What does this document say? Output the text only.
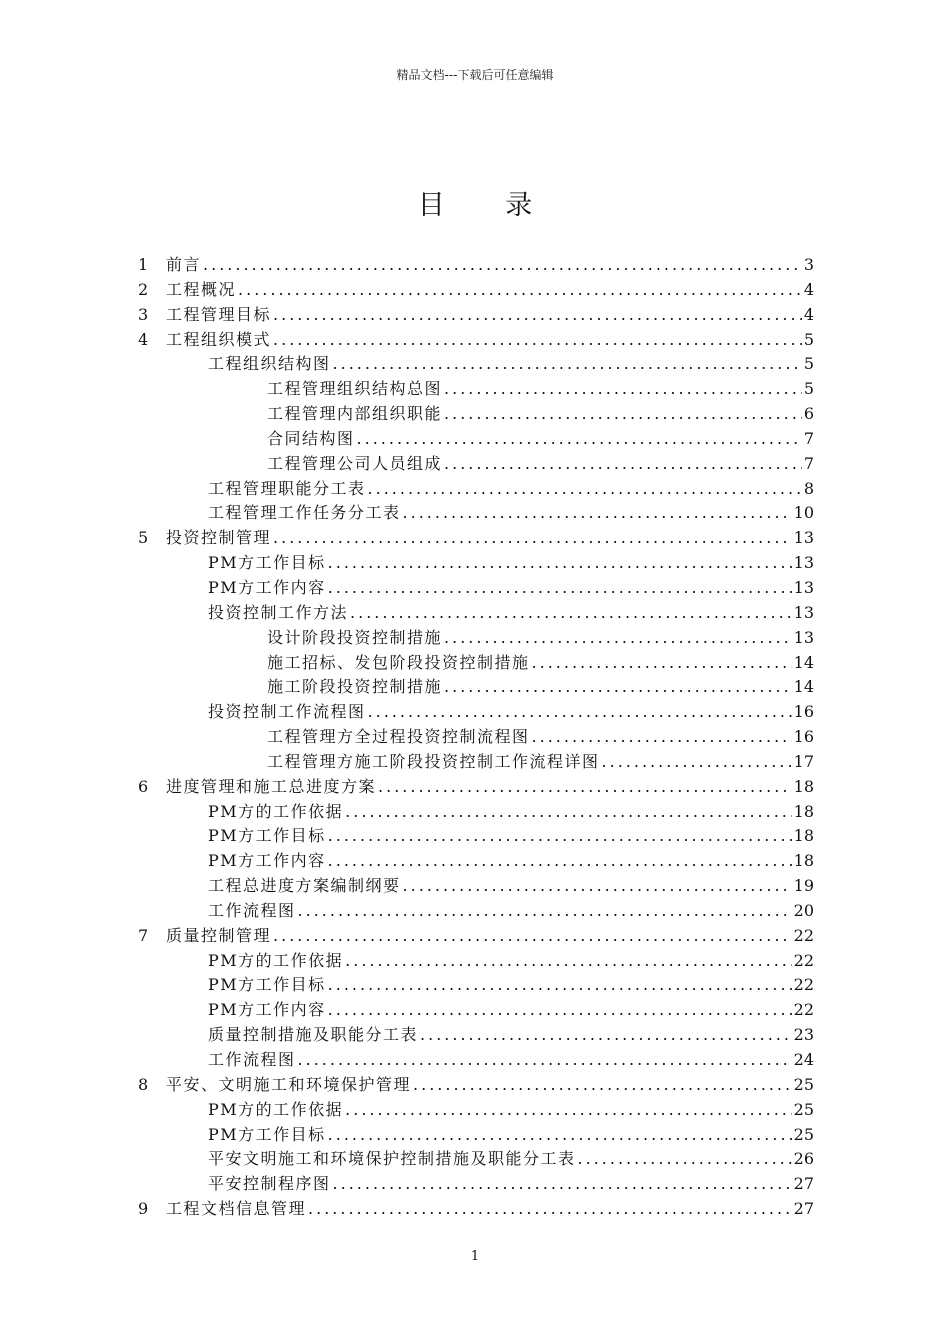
精品文档---下载后可任意编辑
目 录
1	前言 .....	3
2	工程概况 .....	4
3	工程管理目标 .....	4
4	工程组织模式 .....	5
工程组织结构图 .....	5
工程管理组织结构总图 .....	5
工程管理内部组织职能 .....	6
合同结构图 .....	7
工程管理公司人员组成 .....	7
工程管理职能分工表 .....	8
工程管理工作任务分工表 .....	10
5	投资控制管理 .....	13
PM方工作目标 .....	13
PM方工作内容 .....	13
投资控制工作方法 .....	13
设计阶段投资控制措施 .....	13
施工招标、发包阶段投资控制措施 .....	14
施工阶段投资控制措施 .....	14
投资控制工作流程图 .....	16
工程管理方全过程投资控制流程图 .....	16
工程管理方施工阶段投资控制工作流程详图 .....	17
6	进度管理和施工总进度方案 .....	18
PM方的工作依据 .....	18
PM方工作目标 .....	18
PM方工作内容 .....	18
工程总进度方案编制纲要 .....	19
工作流程图 .....	20
7	质量控制管理 .....	22
PM方的工作依据 .....	22
PM方工作目标 .....	22
PM方工作内容 .....	22
质量控制措施及职能分工表 .....	23
工作流程图 .....	24
8	平安、文明施工和环境保护管理 .....	25
PM方的工作依据 .....	25
PM方工作目标 .....	25
平安文明施工和环境保护控制措施及职能分工表 .....	26
平安控制程序图 .....	27
9	工程文档信息管理 .....	27
1
